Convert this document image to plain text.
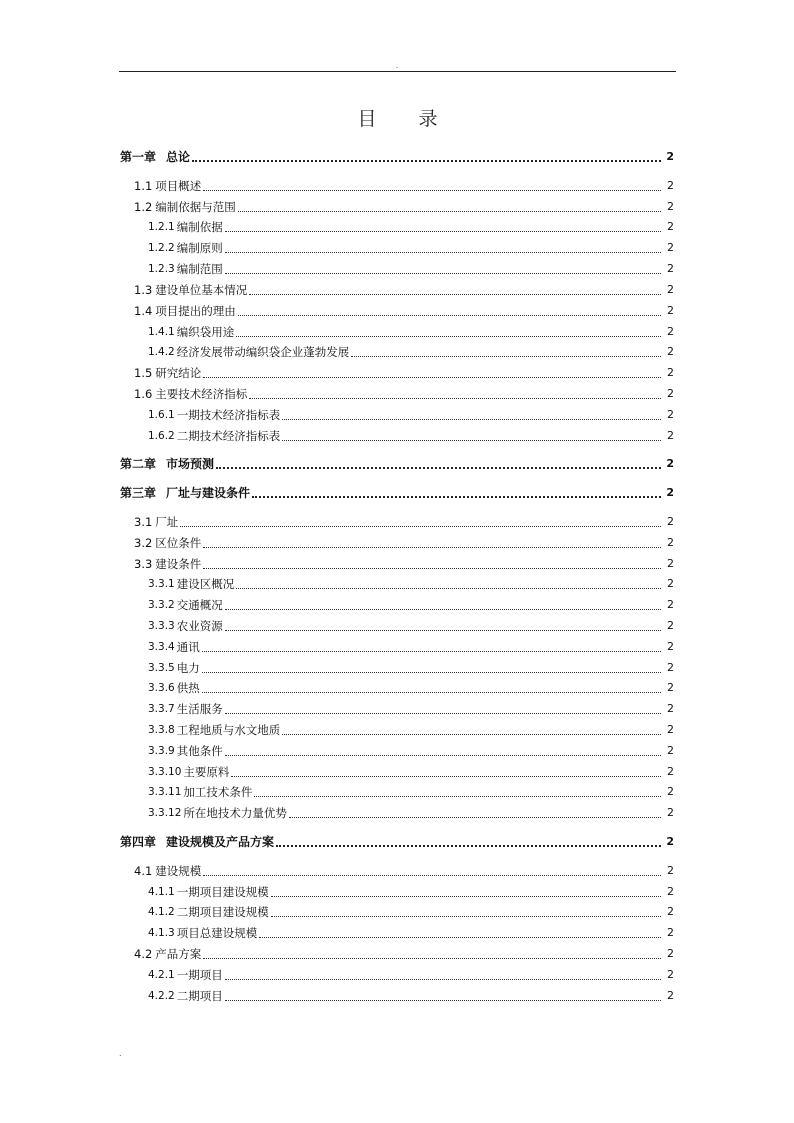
.
目 录
第一章 总论	2
1.1 项目概述	2
1.2 编制依据与范围	2
1.2.1 编制依据	2
1.2.2 编制原则	2
1.2.3 编制范围	2
1.3 建设单位基本情况	2
1.4 项目提出的理由	2
1.4.1 编织袋用途	2
1.4.2 经济发展带动编织袋企业蓬勃发展	2
1.5 研究结论	2
1.6 主要技术经济指标	2
1.6.1 一期技术经济指标表	2
1.6.2 二期技术经济指标表	2
第二章 市场预测	2
第三章 厂址与建设条件	2
3.1 厂址	2
3.2 区位条件	2
3.3 建设条件	2
3.3.1 建设区概况	2
3.3.2 交通概况	2
3.3.3 农业资源	2
3.3.4 通讯	2
3.3.5 电力	2
3.3.6 供热	2
3.3.7 生活服务	2
3.3.8 工程地质与水文地质	2
3.3.9 其他条件	2
3.3.10 主要原料	2
3.3.11 加工技术条件	2
3.3.12 所在地技术力量优势	2
第四章 建设规模及产品方案	2
4.1 建设规模	2
4.1.1 一期项目建设规模	2
4.1.2 二期项目建设规模	2
4.1.3 项目总建设规模	2
4.2 产品方案	2
4.2.1 一期项目	2
4.2.2 二期项目	2
.
